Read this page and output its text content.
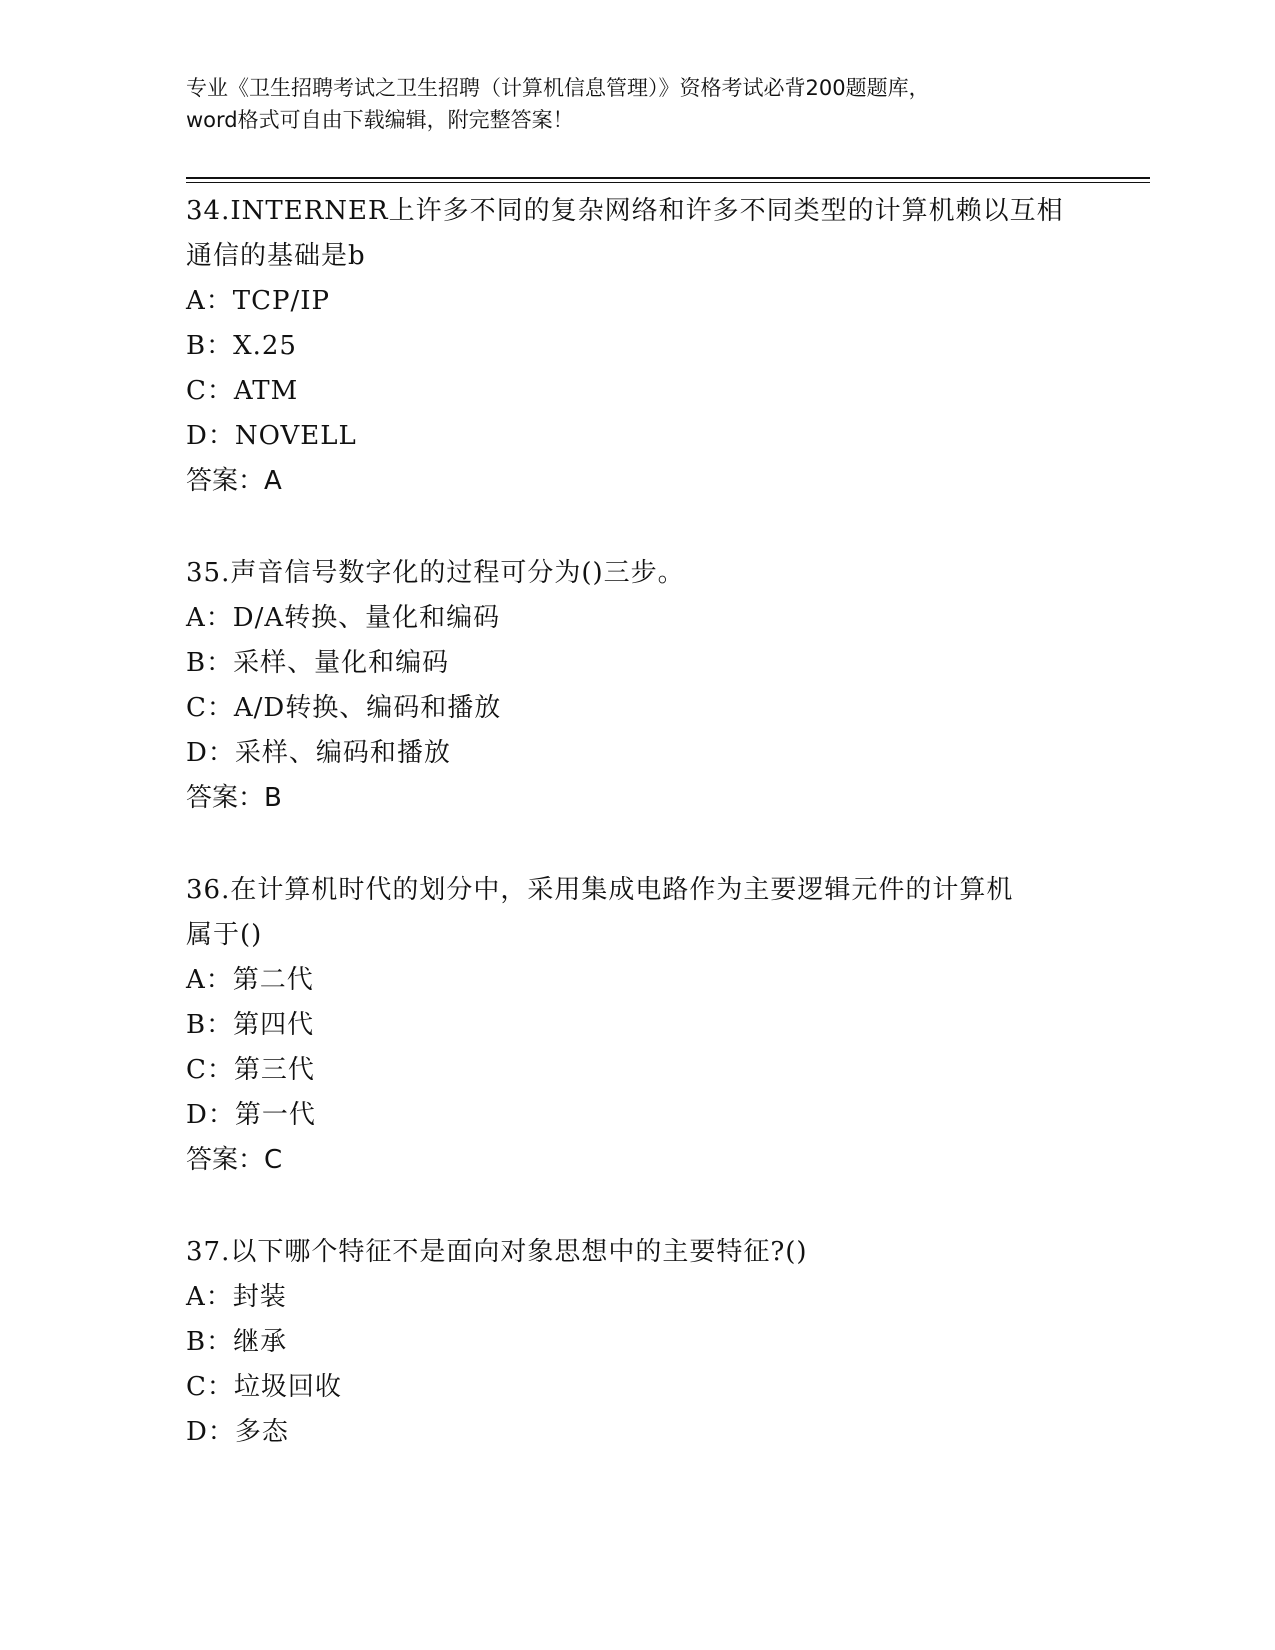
专业《卫生招聘考试之卫生招聘（计算机信息管理）》资格考试必背200题题库，
word格式可自由下载编辑，附完整答案！

34.INTERNER上许多不同的复杂网络和许多不同类型的计算机赖以互相

通信的基础是b

A：TCP/IP

B：X.25

C：ATM

D：NOVELL

答案：A

35.声音信号数字化的过程可分为()三步。

A：D/A转换、量化和编码

B：采样、量化和编码

C：A/D转换、编码和播放

D：采样、编码和播放

答案：B

36.在计算机时代的划分中，采用集成电路作为主要逻辑元件的计算机

属于()

A：第二代

B：第四代

C：第三代

D：第一代

答案：C

37.以下哪个特征不是面向对象思想中的主要特征?()

A：封装

B：继承

C：垃圾回收

D：多态
